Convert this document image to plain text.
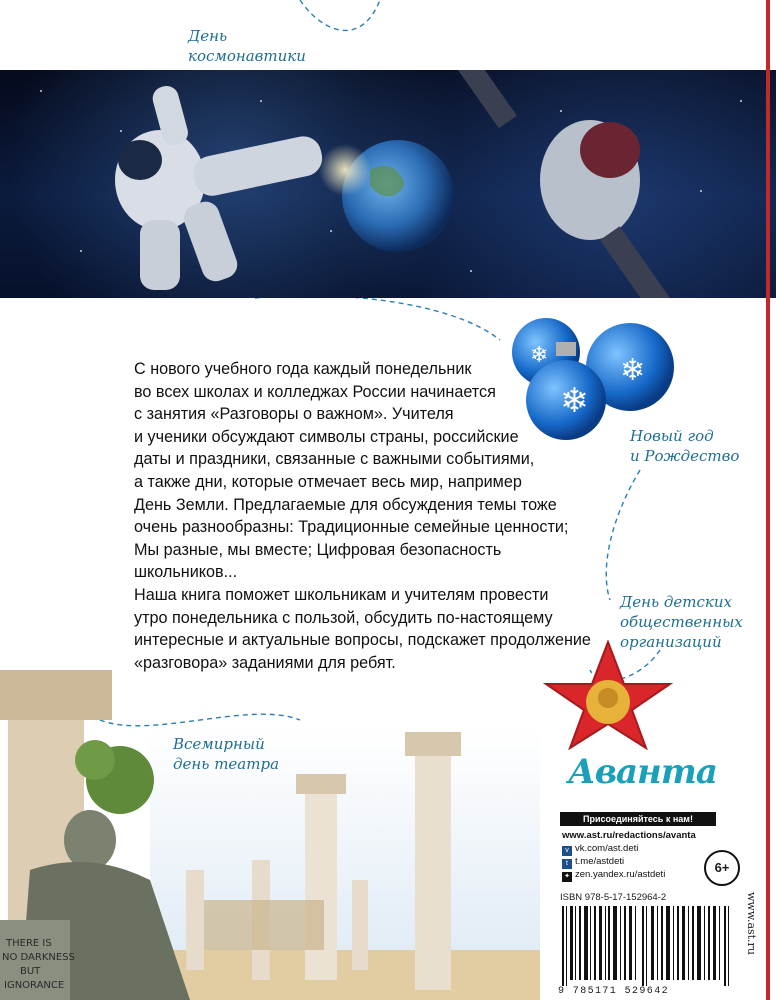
День
космонавтики
❄
❄
❄
Новый год
и Рождество
С нового учебного года каждый понедельник
во всех школах и колледжах России начинается
с занятия «Разговоры о важном». Учителя
и ученики обсуждают символы страны, российские
даты и праздники, связанные с важными событиями,
а также дни, которые отмечает весь мир, например
День Земли. Предлагаемые для обсуждения темы тоже
очень разнообразны: Традиционные семейные ценности;
Мы разные, мы вместе; Цифровая безопасность школьников...
Наша книга поможет школьникам и учителям провести
утро понедельника с пользой, обсудить по-настоящему
интересные и актуальные вопросы, подскажет продолжение
«разговора» заданиями для ребят.
День детских
общественных
организаций
THERE IS
NO DARKNESS
BUT
IGNORANCE
Всемирный
день театра	Аванта
Присоединяйтесь к нам!
www.ast.ru/redactions/avanta
v vk.com/ast.deti
t t.me/astdeti
✦ zen.yandex.ru/astdeti	6+
ISBN 978-5-17-152964-2
9 785171 529642
www.ast.ru
